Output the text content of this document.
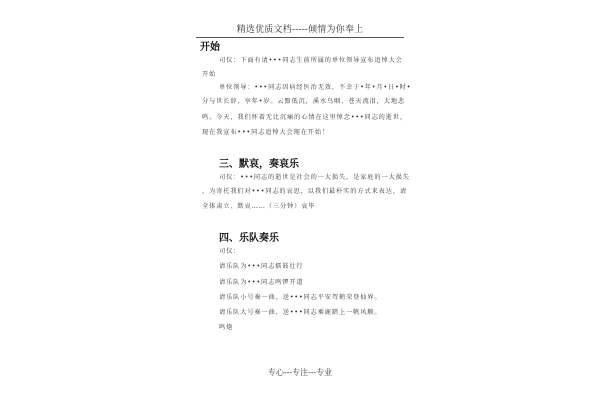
精选优质文档-----倾情为你奉上
开始
司仪：下面有请•••同志生前所属的单位领导宣布追悼大会
开始
单位领导：•••同志因病经医治无效，不幸于•年•月•日•时•
分与世长辞，享年•岁。云黯低沉，溪水鸟咽，苍天流泪，大地悲
鸣。今天，我们怀着无比沉痛的心情在这里悼念•••同志的逝世，
现在我宣布•••同志追悼大会现在开始！
三、默哀，奏哀乐
司仪：•••同志的逝世是社会的一大损失，是家庭的一大损失
，为寄托我们对•••同志的哀思，以我们最朴实的方式来表达，请
全体肃立、默哀……（三分钟）哀毕
四、乐队奏乐
司仪：
请乐队为•••同志擂鼓壮行
请乐队为•••同志鸣锣开道
请乐队小号奏一曲，送•••同志平安驾鹤荣登仙界。
请乐队大号奏一曲，送•••同志乘鹿踏上一帆风顺。
鸣炮
专心---专注---专业
